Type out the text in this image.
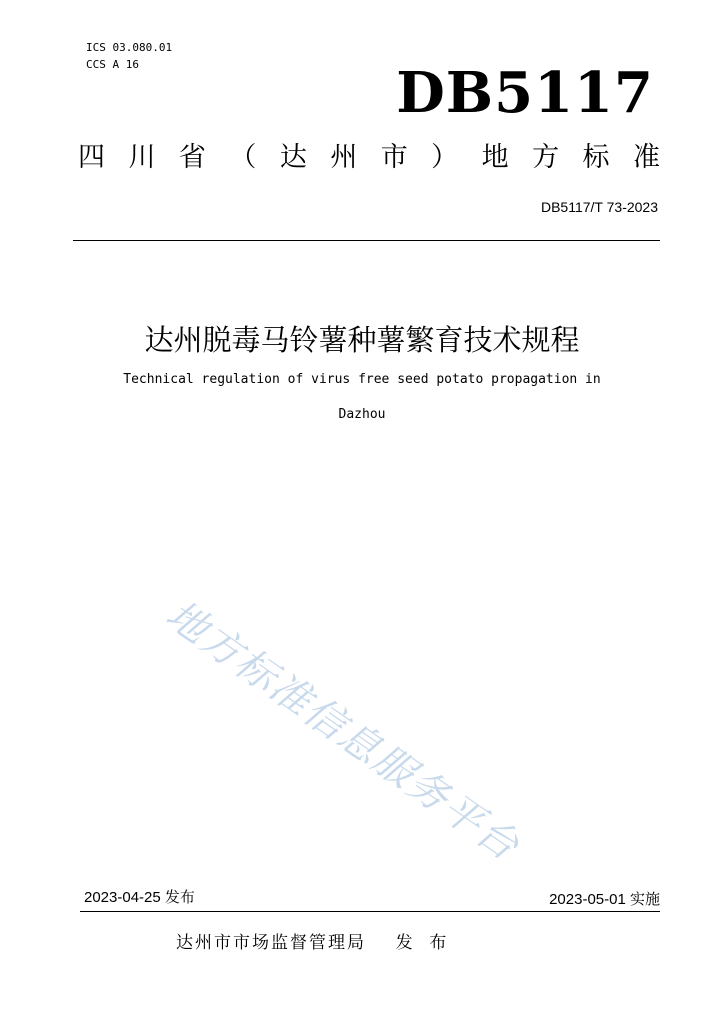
ICS 03.080.01
CCS A 16	DB5117
四 川 省 （ 达 州 市 ） 地 方 标 准
DB5117/T 73-2023
达州脱毒马铃薯种薯繁育技术规程
Technical regulation of virus free seed potato propagation in
Dazhou
地方标准信息服务平台
2023-04-25 发布	2023-05-01 实施
达州市市场监督管理局    发  布
